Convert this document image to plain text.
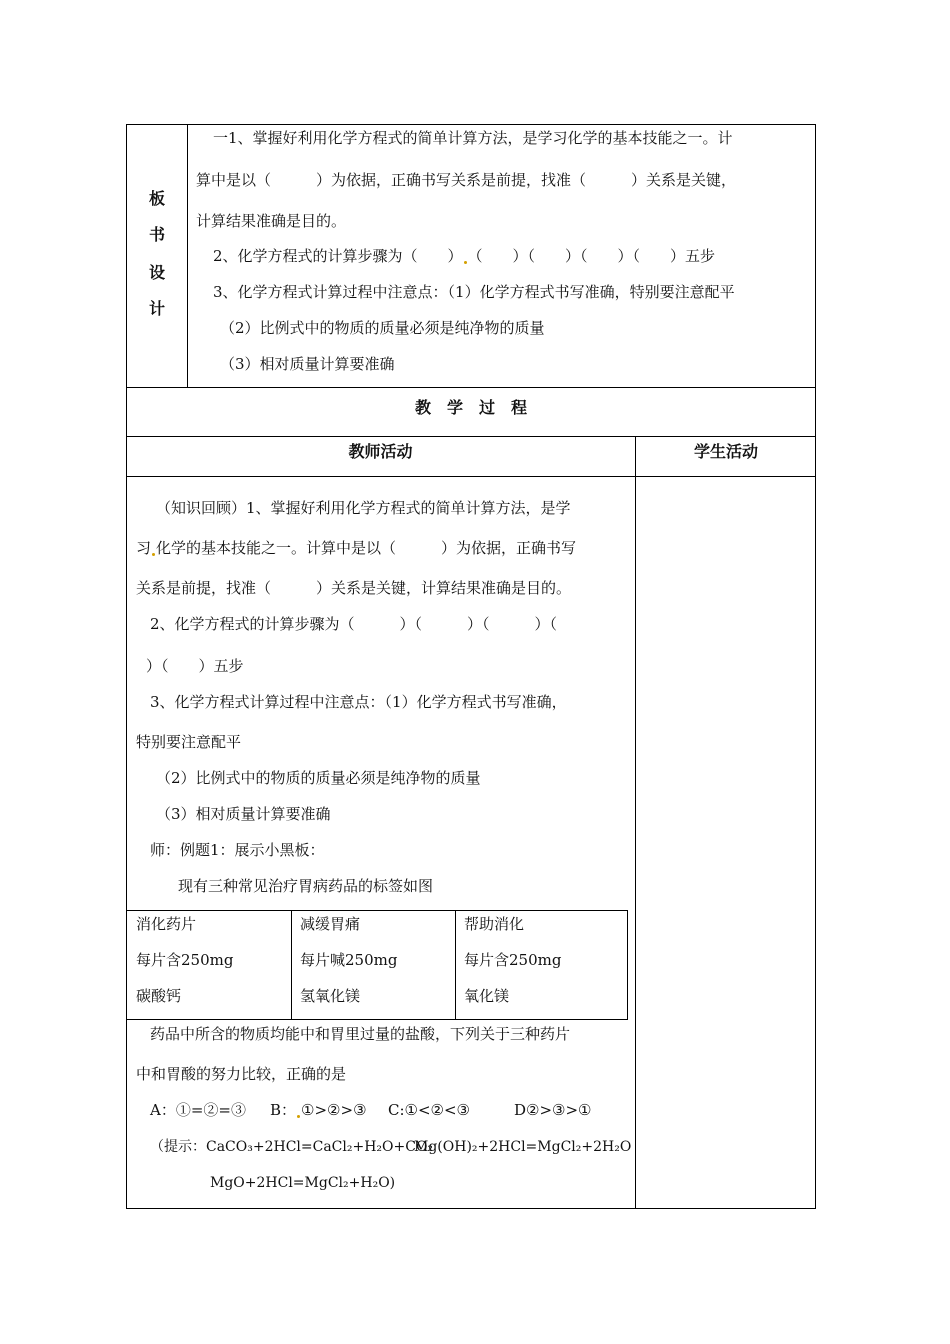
板
书
设
计
一1、掌握好利用化学方程式的简单计算方法，是学习化学的基本技能之一。计
算中是以（　　　）为依据，正确书写关系是前提，找准（　　　）关系是关键，
计算结果准确是目的。
2、化学方程式的计算步骤为（　　） （　　）（　　）（　　）（　　）五步
3、化学方程式计算过程中注意点：（1）化学方程式书写准确，特别要注意配平
（2）比例式中的物质的质量必须是纯净物的质量
（3）相对质量计算要准确
教　学　过　程
教师活动	学生活动
（知识回顾）1、掌握好利用化学方程式的简单计算方法，是学
习 化学的基本技能之一。计算中是以（　　　）为依据，正确书写
关系是前提，找准（　　　）关系是关键，计算结果准确是目的。
2、化学方程式的计算步骤为（　　　）（　　　）（　　　）（
）（　　）五步
3、化学方程式计算过程中注意点：（1）化学方程式书写准确，
特别要注意配平
（2）比例式中的物质的质量必须是纯净物的质量
（3）相对质量计算要准确
师：例题1：展示小黑板：
现有三种常见治疗胃病药品的标签如图
消化药片
每片含250mg
碳酸钙
减缓胃痛
每片喊250mg
氢氧化镁
帮助消化
每片含250mg
氧化镁
药品中所含的物质均能中和胃里过量的盐酸，下列关于三种药片
中和胃酸的努力比较，正确的是
A：①=②=③ B： ①>②>③ C:①<②<③	D②>③>①
（提示：CaCO₃+2HCl=CaCl₂+H₂O+CO₂
Mg(OH)₂+2HCl=MgCl₂+2H₂O
MgO+2HCl=MgCl₂+H₂O)
